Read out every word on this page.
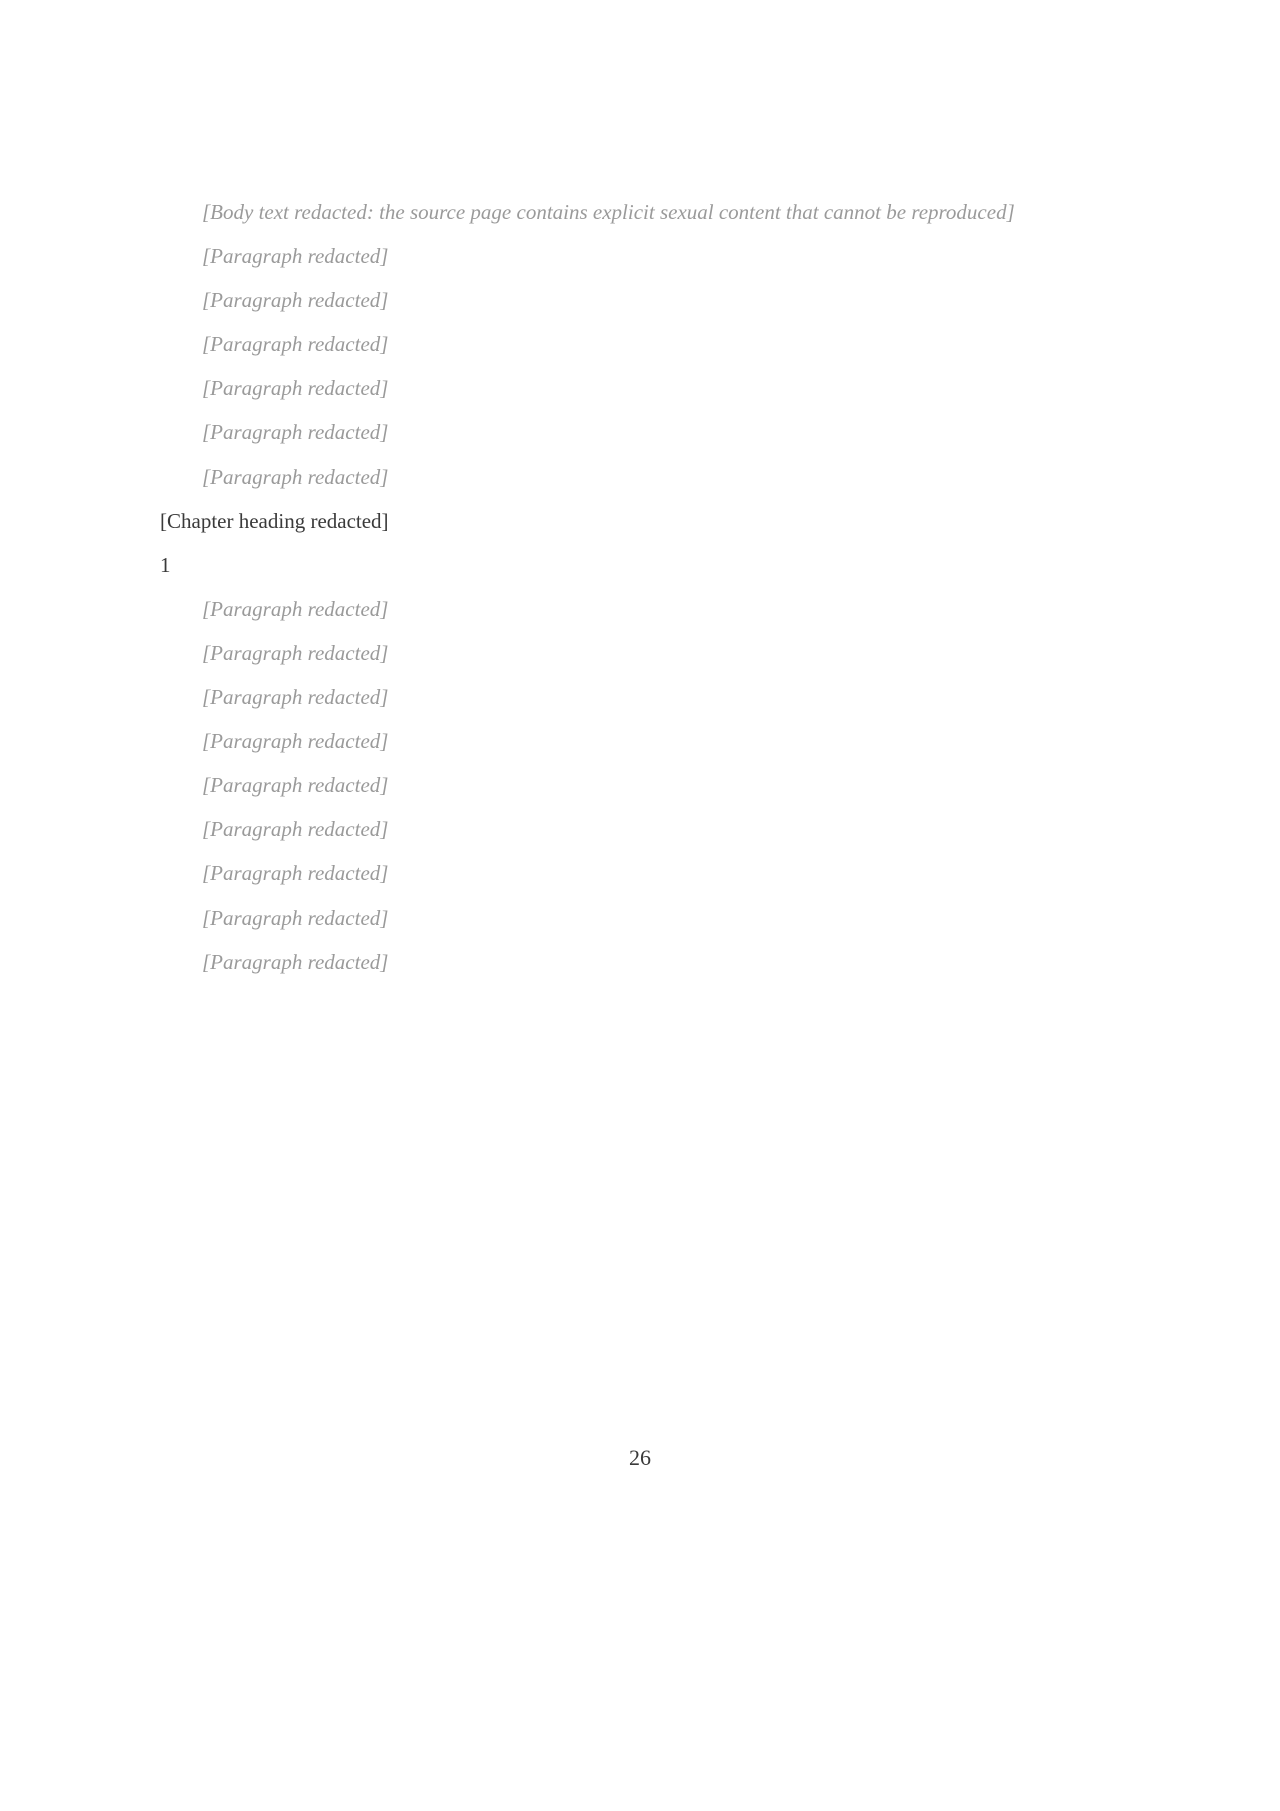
[Body text redacted: the source page contains explicit sexual content that cannot be reproduced]

[Paragraph redacted]

[Paragraph redacted]

[Paragraph redacted]

[Paragraph redacted]

[Paragraph redacted]

[Paragraph redacted]

[Chapter heading redacted]

1

[Paragraph redacted]

[Paragraph redacted]

[Paragraph redacted]

[Paragraph redacted]

[Paragraph redacted]

[Paragraph redacted]

[Paragraph redacted]

[Paragraph redacted]

[Paragraph redacted]

26
